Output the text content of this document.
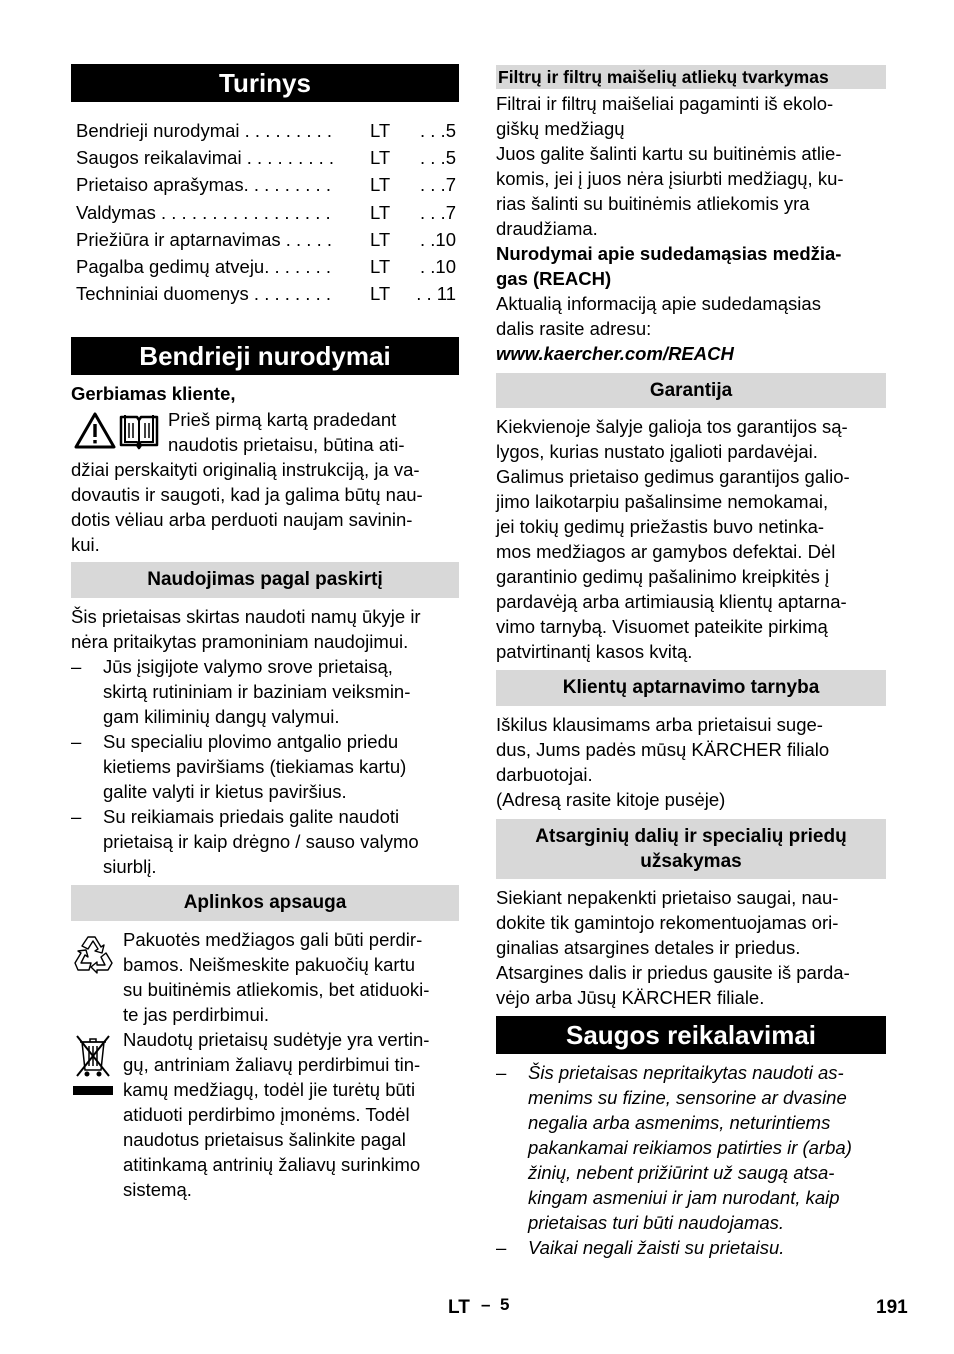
Turinys
Bendrieji nurodymai . . . . . . . . . LT	. . .5
Saugos reikalavimai . . . . . . . . . LT	. . .5
Prietaiso aprašymas. . . . . . . . . LT	. . .7
Valdymas . . . . . . . . . . . . . . . . . LT	. . .7
Priežiūra ir aptarnavimas . . . . . LT	. .10
Pagalba gedimų atveju. . . . . . . LT	. .10
Techniniai duomenys . . . . . . . . LT . . 11
Bendrieji nurodymai
Gerbiamas kliente,
Prieš pirmą kartą pradedant
naudotis prietaisu, būtina ati-
džiai perskaityti originalią instrukciją, ja va-
dovautis ir saugoti, kad ja galima būtų nau-
dotis vėliau arba perduoti naujam savinin-
kui.
Naudojimas pagal paskirtį
Šis prietaisas skirtas naudoti namų ūkyje ir
nėra pritaikytas pramoniniam naudojimui.
– Jūs įsigijote valymo srove prietaisą,
skirtą rutininiam ir baziniam veiksmin-
gam kiliminių dangų valymui.
– Su specialiu plovimo antgalio priedu
kietiems paviršiams (tiekiamas kartu)
galite valyti ir kietus paviršius.
– Su reikiamais priedais galite naudoti
prietaisą ir kaip drėgno / sauso valymo
siurblį.
Aplinkos apsauga
Pakuotės medžiagos gali būti perdir-
bamos. Neišmeskite pakuočių kartu
su buitinėmis atliekomis, bet atiduoki-
te jas perdirbimui.
Naudotų prietaisų sudėtyje yra vertin-
gų, antriniam žaliavų perdirbimui tin-
kamų medžiagų, todėl jie turėtų būti
atiduoti perdirbimo įmonėms. Todėl
naudotus prietaisus šalinkite pagal
atitinkamą antrinių žaliavų surinkimo
sistemą.
Filtrų ir filtrų maišelių atliekų tvarkymas
Filtrai ir filtrų maišeliai pagaminti iš ekolo-
giškų medžiagų
Juos galite šalinti kartu su buitinėmis atlie-
komis, jei į juos nėra įsiurbti medžiagų, ku-
rias šalinti su buitinėmis atliekomis yra
draudžiama.
Nurodymai apie sudedamąsias medžia-
gas (REACH)
Aktualią informaciją apie sudedamąsias
dalis rasite adresu:
www.kaercher.com/REACH
Garantija
Kiekvienoje šalyje galioja tos garantijos są-
lygos, kurias nustato įgalioti pardavėjai.
Galimus prietaiso gedimus garantijos galio-
jimo laikotarpiu pašalinsime nemokamai,
jei tokių gedimų priežastis buvo netinka-
mos medžiagos ar gamybos defektai. Dėl
garantinio gedimų pašalinimo kreipkitės į
pardavėją arba artimiausią klientų aptarna-
vimo tarnybą. Visuomet pateikite pirkimą
patvirtinantį kasos kvitą.
Klientų aptarnavimo tarnyba
Iškilus klausimams arba prietaisui suge-
dus, Jums padės mūsų KÄRCHER filialo
darbuotojai.
(Adresą rasite kitoje pusėje)
Atsarginių dalių ir specialių priedų
užsakymas
Siekiant nepakenkti prietaiso saugai, nau-
dokite tik gamintojo rekomentuojamas ori-
ginalias atsargines detales ir priedus.
Atsargines dalis ir priedus gausite iš parda-
vėjo arba Jūsų KÄRCHER filiale.
Saugos reikalavimai
– Šis prietaisas nepritaikytas naudoti as-
menims su fizine, sensorine ar dvasine
negalia arba asmenims, neturintiems
pakankamai reikiamos patirties ir (arba)
žinių, nebent prižiūrint už saugą atsa-
kingam asmeniui ir jam nurodant, kaip
prietaisas turi būti naudojamas.
– Vaikai negali žaisti su prietaisu.
LT – 5	191
